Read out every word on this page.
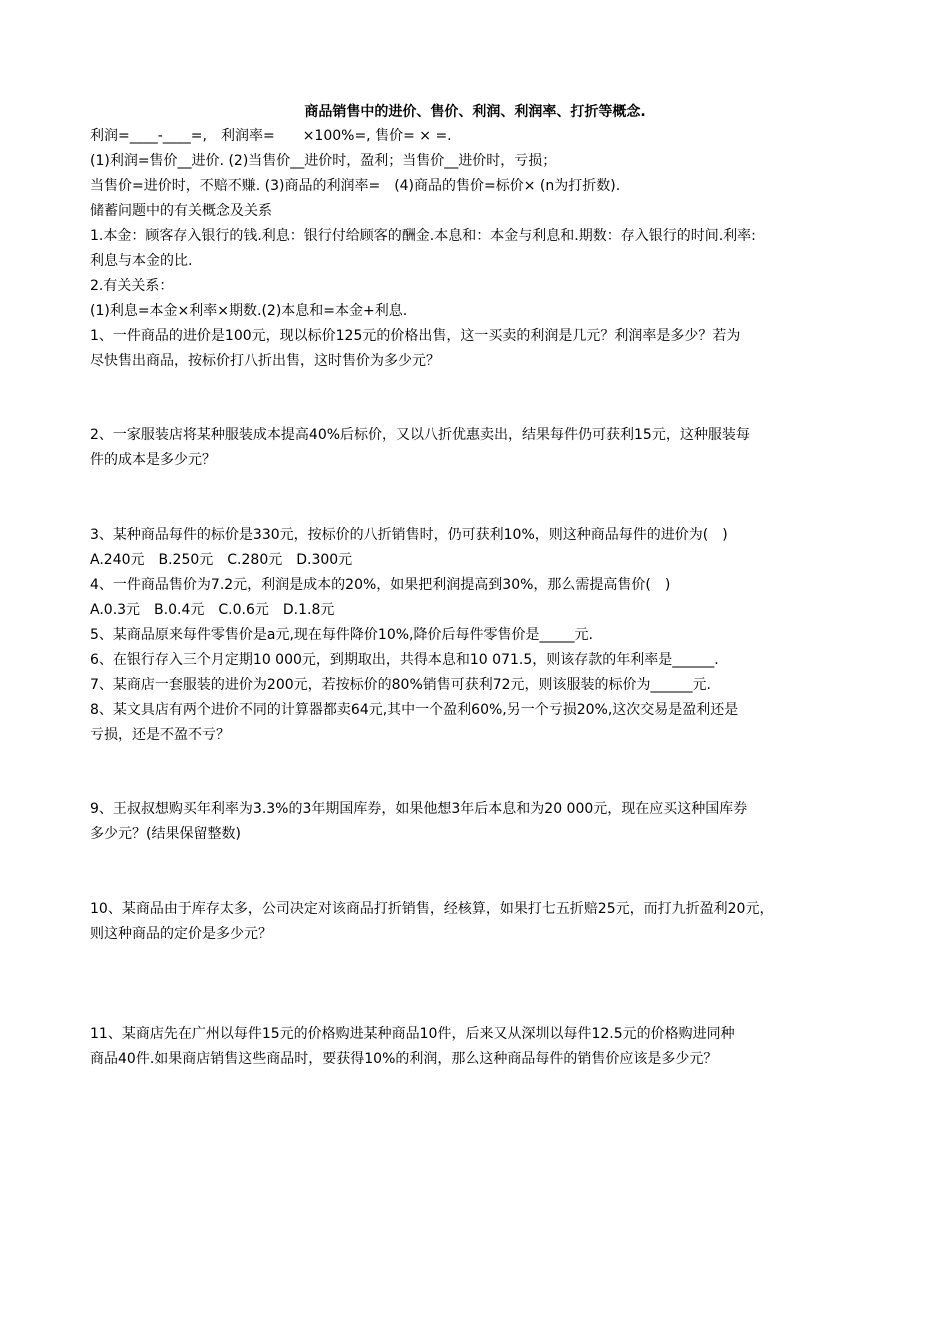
商品销售中的进价、售价、利润、利润率、打折等概念.
利润=____-____=,　利润率=　　×100%=, 售价= × =.
(1)利润=售价__进价. (2)当售价__进价时，盈利；当售价__进价时，亏损；
当售价=进价时，不赔不赚. (3)商品的利润率=　(4)商品的售价=标价× (n为打折数).
储蓄问题中的有关概念及关系
1.本金：顾客存入银行的钱.利息：银行付给顾客的酬金.本息和：本金与利息和.期数：存入银行的时间.利率:
利息与本金的比.
2.有关关系：
(1)利息=本金×利率×期数.(2)本息和=本金+利息.
1、一件商品的进价是100元，现以标价125元的价格出售，这一买卖的利润是几元？利润率是多少？若为
尽快售出商品，按标价打八折出售，这时售价为多少元？
2、一家服装店将某种服装成本提高40%后标价，又以八折优惠卖出，结果每件仍可获利15元，这种服装每
件的成本是多少元？
3、某种商品每件的标价是330元，按标价的八折销售时，仍可获利10%，则这种商品每件的进价为(　)
A.240元　B.250元　C.280元　D.300元
4、一件商品售价为7.2元，利润是成本的20%，如果把利润提高到30%，那么需提高售价(　)
A.0.3元　B.0.4元　C.0.6元　D.1.8元
5、某商品原来每件零售价是a元,现在每件降价10%,降价后每件零售价是_____元.
6、在银行存入三个月定期10 000元，到期取出，共得本息和10 071.5，则该存款的年利率是______.
7、某商店一套服装的进价为200元，若按标价的80%销售可获利72元，则该服装的标价为______元.
8、某文具店有两个进价不同的计算器都卖64元,其中一个盈利60%,另一个亏损20%,这次交易是盈利还是
亏损，还是不盈不亏？
9、王叔叔想购买年利率为3.3%的3年期国库券，如果他想3年后本息和为20 000元，现在应买这种国库券
多少元？(结果保留整数)
10、某商品由于库存太多，公司决定对该商品打折销售，经核算，如果打七五折赔25元，而打九折盈利20元，
则这种商品的定价是多少元？
11、某商店先在广州以每件15元的价格购进某种商品10件，后来又从深圳以每件12.5元的价格购进同种
商品40件.如果商店销售这些商品时，要获得10%的利润，那么这种商品每件的销售价应该是多少元？
